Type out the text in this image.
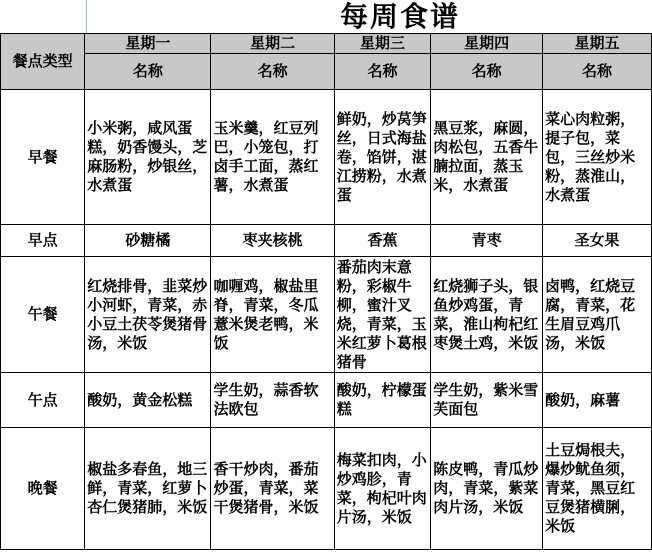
每周食谱
餐点类型	星期一	星期二	星期三	星期四	星期五
	名称	名称	名称	名称	名称
早餐	小米粥，咸风蛋糕，奶香馒头，芝麻肠粉，炒银丝，水煮蛋	玉米羹，红豆列巴，小笼包，打卤手工面，蒸红薯，水煮蛋	鲜奶，炒莴笋丝，日式海盐卷，馅饼，湛江捞粉，水煮蛋	黑豆浆，麻圆，肉松包，五香牛腩拉面，蒸玉米，水煮蛋	菜心肉粒粥，提子包，菜包，三丝炒米粉，蒸淮山，水煮蛋
早点	砂糖橘	枣夹核桃	香蕉	青枣	圣女果
午餐	红烧排骨，韭菜炒小河虾，青菜，赤小豆土茯苓煲猪骨汤，米饭	咖喱鸡，椒盐里脊，青菜，冬瓜薏米煲老鸭，米饭	番茄肉末意粉，彩椒牛柳，蜜汁叉烧，青菜，玉米红萝卜葛根猪骨	红烧狮子头，银鱼炒鸡蛋，青菜，淮山枸杞红枣煲土鸡，米饭	卤鸭，红烧豆腐，青菜，花生眉豆鸡爪汤，米饭
午点	酸奶，黄金松糕	学生奶，蒜香软法欧包	酸奶，柠檬蛋糕	学生奶，紫米雪芙面包	酸奶，麻薯
晚餐	椒盐多春鱼，地三鲜，青菜，红萝卜杏仁煲猪肺，米饭	香干炒肉，番茄炒蛋，青菜，菜干煲猪骨，米饭	梅菜扣肉，小炒鸡胗，青菜，枸杞叶肉片汤，米饭	陈皮鸭，青瓜炒肉，青菜，紫菜肉片汤，米饭	土豆焗根夫，爆炒鱿鱼须，青菜，黑豆红豆煲猪横脷，米饭
